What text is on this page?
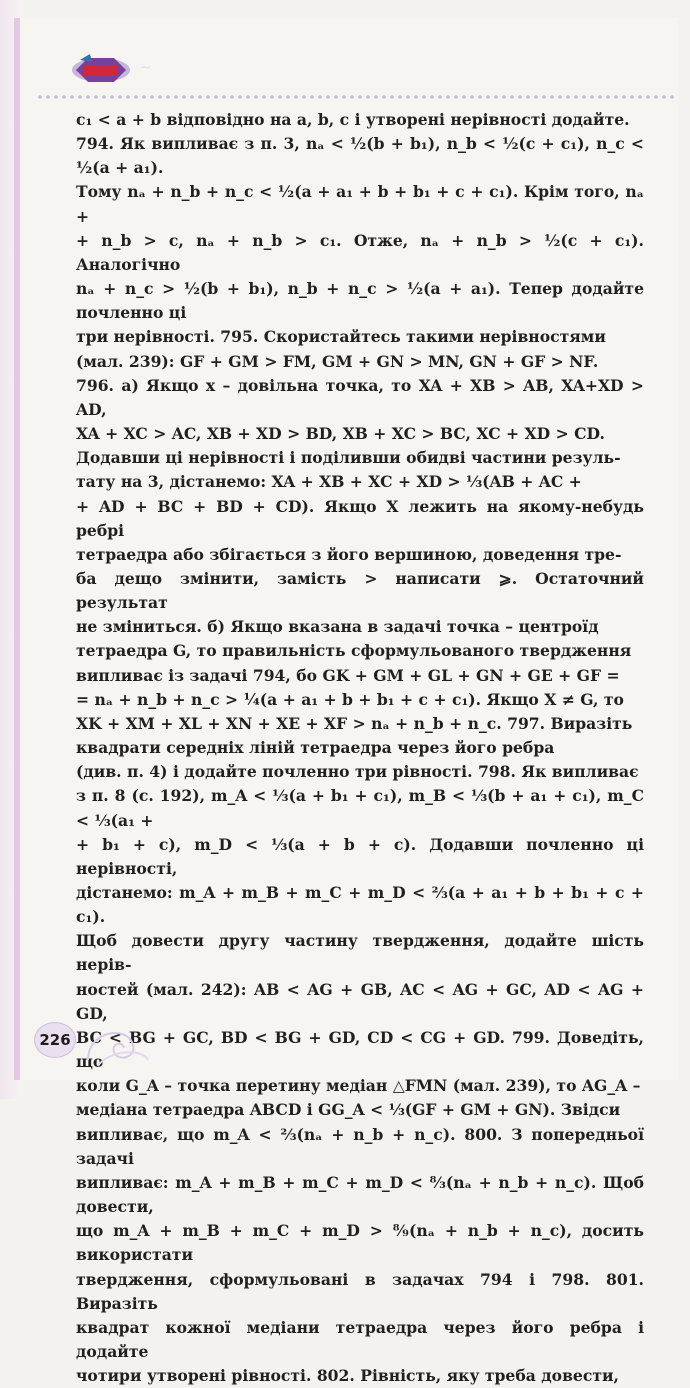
~

c₁ < a + b відповідно на a, b, c і утворені нерівності додайте.

794. Як випливає з п. 3, nₐ < ½(b + b₁), n_b < ½(c + c₁), n_c < ½(a + a₁).

Тому nₐ + n_b + n_c < ½(a + a₁ + b + b₁ + c + c₁). Крім того, nₐ +

+ n_b > c, nₐ + n_b > c₁. Отже, nₐ + n_b > ½(c + c₁). Аналогічно

nₐ + n_c > ½(b + b₁), n_b + n_c > ½(a + a₁). Тепер додайте почленно ці

три нерівності. 795. Скористайтесь такими нерівностями

(мал. 239): GF + GM > FM, GM + GN > MN, GN + GF > NF.

796. а) Якщо x – довільна точка, то XA + XB > AB, XA+XD > AD,

XA + XC > AC, XB + XD > BD, XB + XC > BC, XC + XD > CD.

Додавши ці нерівності і поділивши обидві частини резуль-

тату на 3, дістанемо: XA + XB + XC + XD > ⅓(AB + AC +

+ AD + BC + BD + CD). Якщо X лежить на якому-небудь ребрі

тетраедра або збігається з його вершиною, доведення тре-

ба дещо змінити, замість > написати ⩾. Остаточний результат

не зміниться. б) Якщо вказана в задачі точка – центроїд

тетраедра G, то правильність сформульованого твердження

випливає із задачі 794, бо GK + GM + GL + GN + GE + GF =

= nₐ + n_b + n_c > ¼(a + a₁ + b + b₁ + c + c₁). Якщо X ≠ G, то

XK + XM + XL + XN + XE + XF > nₐ + n_b + n_c. 797. Виразіть

квадрати середніх ліній тетраедра через його ребра

(див. п. 4) і додайте почленно три рівності. 798. Як випливає

з п. 8 (с. 192), m_A < ⅓(a + b₁ + c₁), m_B < ⅓(b + a₁ + c₁), m_C < ⅓(a₁ +

+ b₁ + c), m_D < ⅓(a + b + c). Додавши почленно ці нерівності,

дістанемо: m_A + m_B + m_C + m_D < ⅔(a + a₁ + b + b₁ + c + c₁).

Щоб довести другу частину твердження, додайте шість нерів-

ностей (мал. 242): AB < AG + GB, AC < AG + GC, AD < AG + GD,

BC < BG + GC, BD < BG + GD, CD < CG + GD. 799. Доведіть, що

коли G_A – точка перетину медіан △FMN (мал. 239), то AG_A –

медіана тетраедра ABCD і GG_A < ⅓(GF + GM + GN). Звідси

випливає, що m_A < ⅔(nₐ + n_b + n_c). 800. З попередньої задачі

випливає: m_A + m_B + m_C + m_D < ⁸⁄₃(nₐ + n_b + n_c). Щоб довести,

що m_A + m_B + m_C + m_D > ⁸⁄₉(nₐ + n_b + n_c), досить використати

твердження, сформульовані в задачах 794 і 798. 801. Виразіть

квадрат кожної медіани тетраедра через його ребра і додайте

чотири утворені рівності. 802. Рівність, яку треба довести,

226
